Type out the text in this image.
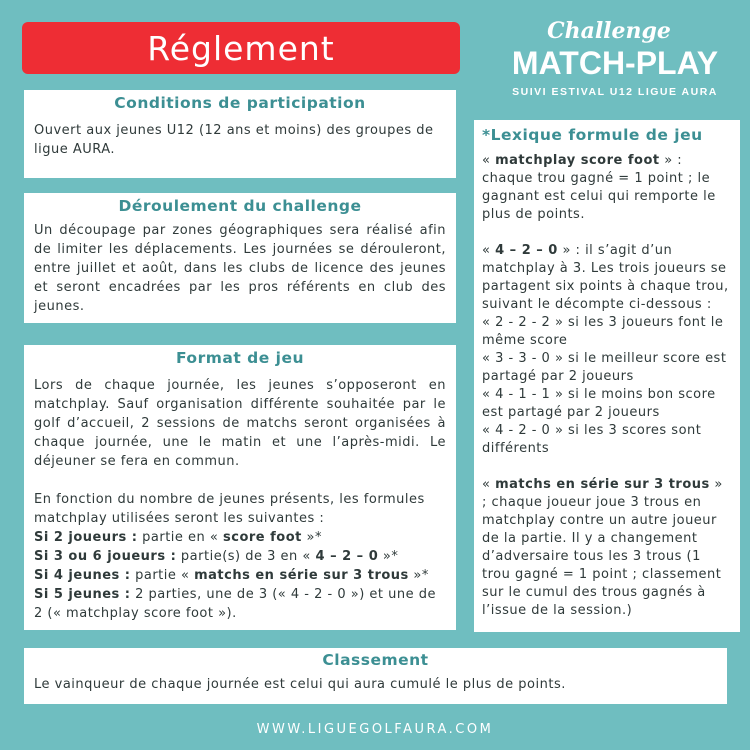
Réglement	Challenge
MATCH-PLAY
SUIVI ESTIVAL U12 LIGUE AURA
Conditions de participation

Ouvert aux jeunes U12 (12 ans et moins) des groupes de ligue AURA.

Déroulement du challenge

Un découpage par zones géographiques sera réalisé afin de limiter les déplacements. Les journées se dérouleront, entre juillet et août, dans les clubs de licence des jeunes et seront encadrées par les pros référents en club des jeunes.

Format de jeu

Lors de chaque journée, les jeunes s’opposeront en matchplay. Sauf organisation différente souhaitée par le golf d’accueil, 2 sessions de matchs seront organisées à chaque journée, une le matin et une l’après-midi. Le déjeuner se fera en commun.

En fonction du nombre de jeunes présents, les formules matchplay utilisées seront les suivantes :

Si 2 joueurs : partie en « score foot »*

Si 3 ou 6 joueurs : partie(s) de 3 en « 4 – 2 – 0 »*

Si 4 jeunes : partie « matchs en série sur 3 trous »*

Si 5 jeunes : 2 parties, une de 3 (« 4 - 2 - 0 ») et une de 2 (« matchplay score foot »).

*Lexique formule de jeu

« matchplay score foot » : chaque trou gagné = 1 point ; le gagnant est celui qui remporte le plus de points.

« 4 – 2 – 0 » : il s’agit d’un matchplay à 3. Les trois joueurs se partagent six points à chaque trou, suivant le décompte ci-dessous :

« 2 - 2 - 2 » si les 3 joueurs font le même score

« 3 - 3 - 0 » si le meilleur score est partagé par 2 joueurs

« 4 - 1 - 1 » si le moins bon score est partagé par 2 joueurs

« 4 - 2 - 0 » si les 3 scores sont différents

« matchs en série sur 3 trous » ; chaque joueur joue 3 trous en matchplay contre un autre joueur de la partie. Il y a changement d’adversaire tous les 3 trous (1 trou gagné = 1 point ; classement sur le cumul des trous gagnés à l’issue de la session.)

Classement

Le vainqueur de chaque journée est celui qui aura cumulé le plus de points.

WWW.LIGUEGOLFAURA.COM
